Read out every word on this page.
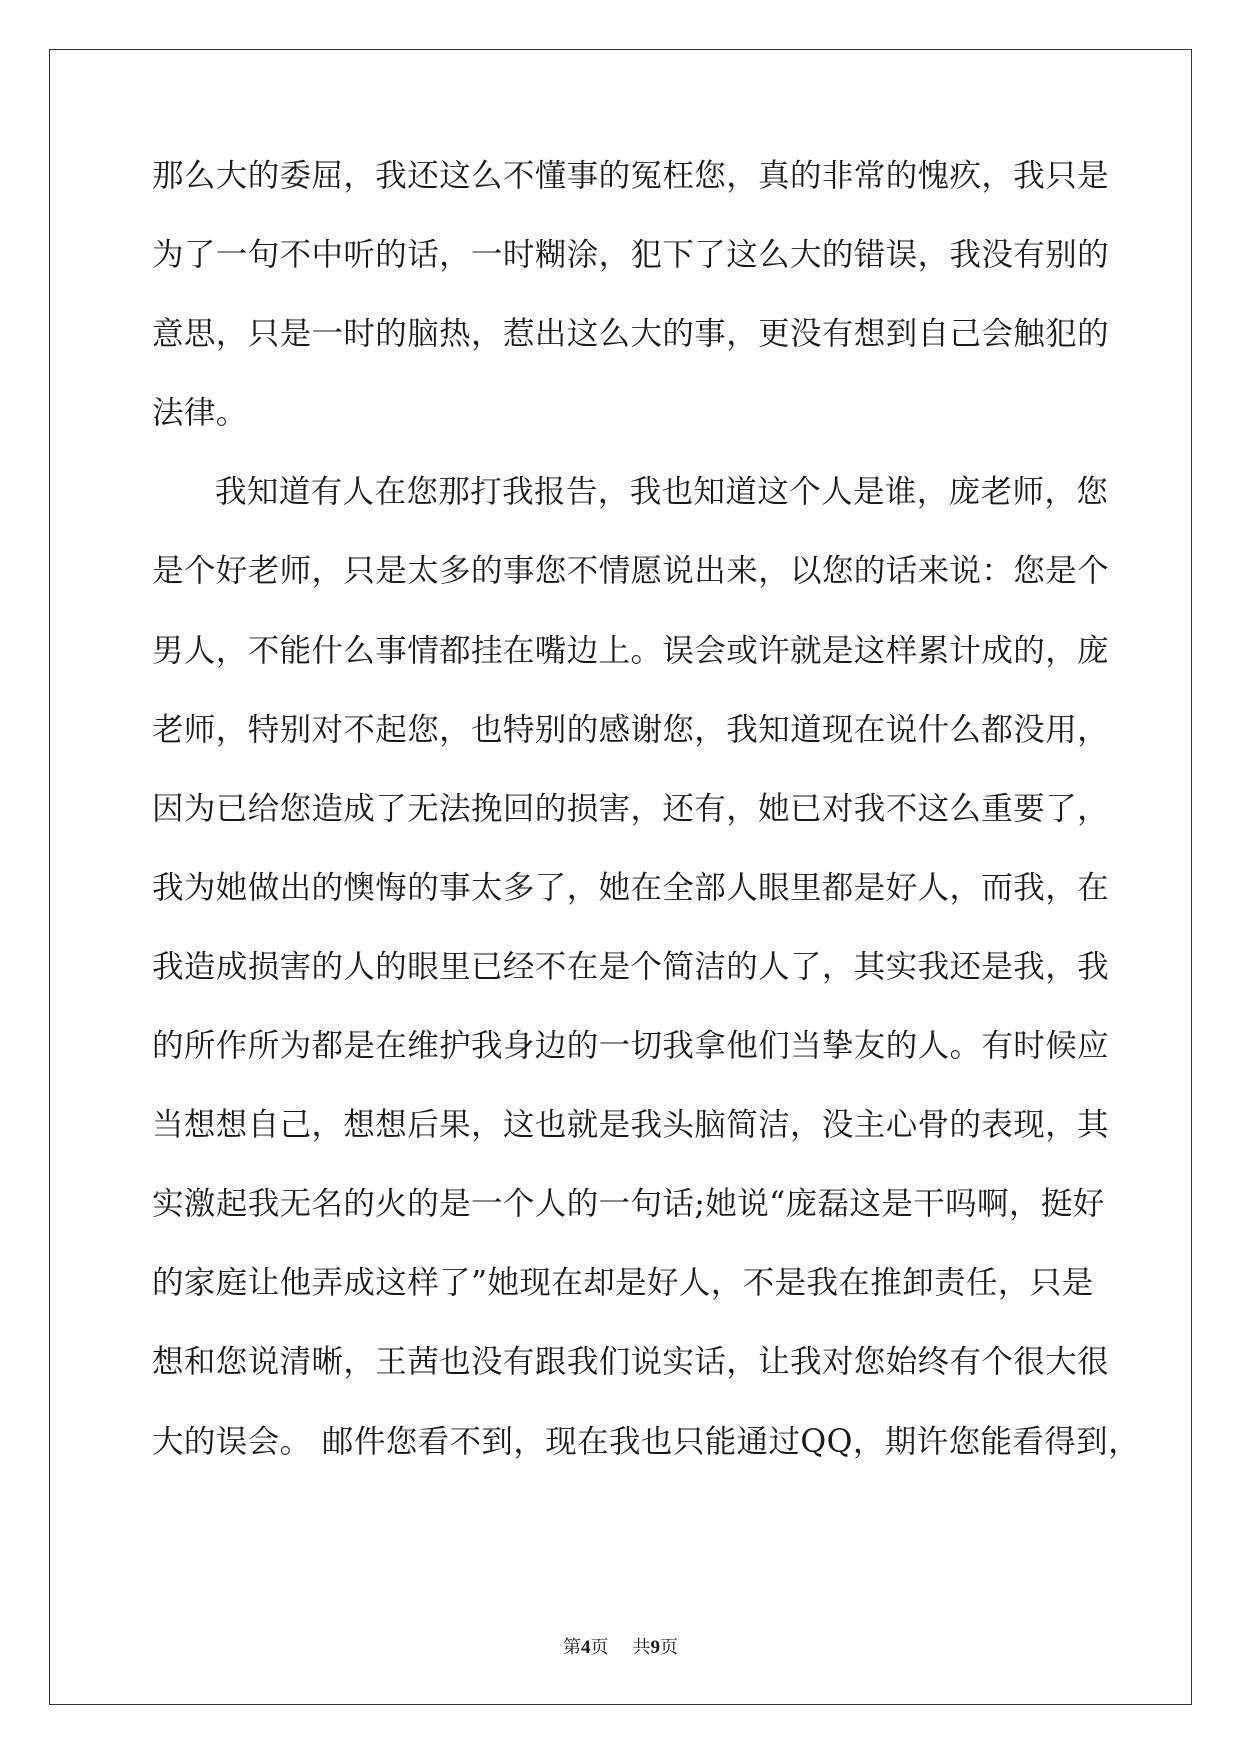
那么大的委屈，我还这么不懂事的冤枉您，真的非常的愧疚，我只是
为了一句不中听的话，一时糊涂，犯下了这么大的错误，我没有别的
意思，只是一时的脑热，惹出这么大的事，更没有想到自己会触犯的
法律。
我知道有人在您那打我报告，我也知道这个人是谁，庞老师，您
是个好老师，只是太多的事您不情愿说出来，以您的话来说：您是个
男人，不能什么事情都挂在嘴边上。误会或许就是这样累计成的，庞
老师，特别对不起您，也特别的感谢您，我知道现在说什么都没用，
因为已给您造成了无法挽回的损害，还有，她已对我不这么重要了，
我为她做出的懊悔的事太多了，她在全部人眼里都是好人，而我，在
我造成损害的人的眼里已经不在是个简洁的人了，其实我还是我，我
的所作所为都是在维护我身边的一切我拿他们当挚友的人。有时候应
当想想自己，想想后果，这也就是我头脑简洁，没主心骨的表现，其
实激起我无名的火的是一个人的一句话;她说“庞磊这是干吗啊，挺好
的家庭让他弄成这样了”她现在却是好人，不是我在推卸责任，只是
想和您说清晰，王茜也没有跟我们说实话，让我对您始终有个很大很
大的误会。 邮件您看不到，现在我也只能通过QQ，期许您能看得到，
第4页 共9页
